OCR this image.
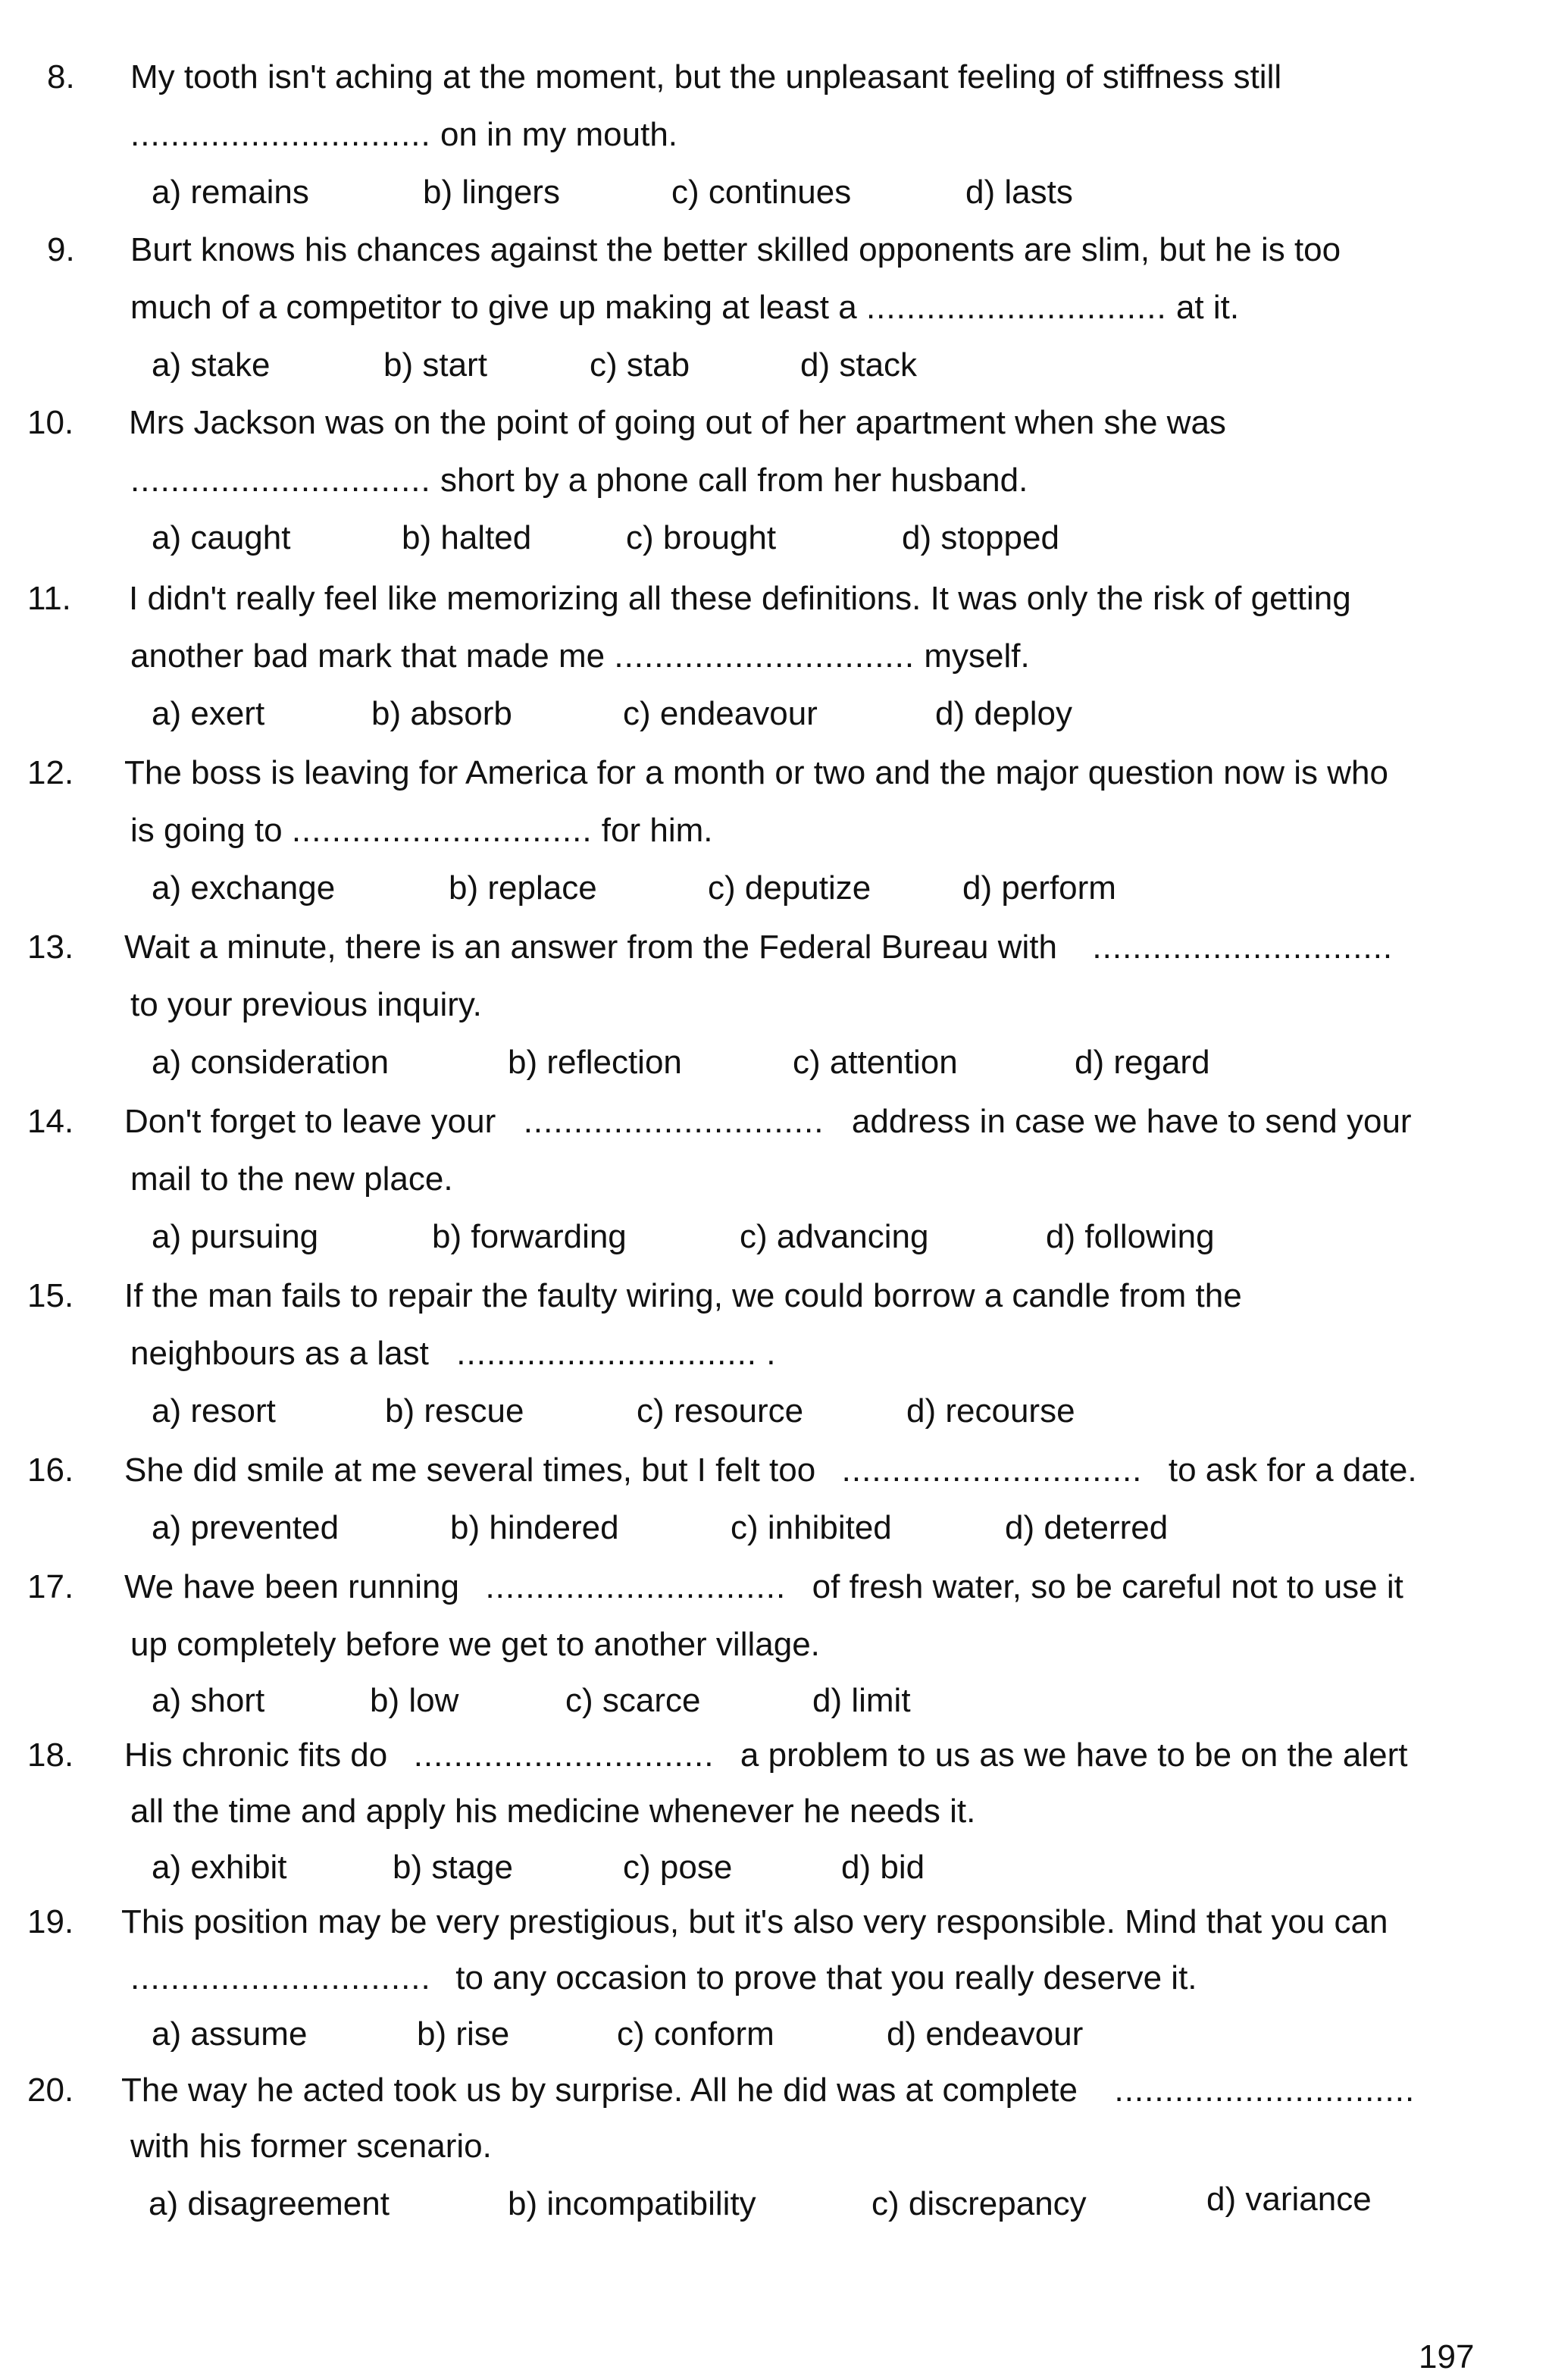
8.	My tooth isn't aching at the moment, but the unpleasant feeling of stiffness still
.............................. on in my mouth.
a) remains	b) lingers	c) continues	d) lasts
9.	Burt knows his chances against the better skilled opponents are slim, but he is too
much of a competitor to give up making at least a .............................. at it.
a) stake	b) start	c) stab	d) stack
10.	Mrs Jackson was on the point of going out of her apartment when she was
.............................. short by a phone call from her husband.
a) caught	b) halted	c) brought	d) stopped
11.	I didn't really feel like memorizing all these definitions. It was only the risk of getting
another bad mark that made me .............................. myself.
a) exert	b) absorb	c) endeavour	d) deploy
12.	The boss is leaving for America for a month or two and the major question now is who
is going to .............................. for him.
a) exchange	b) replace	c) deputize	d) perform
13.	Wait a minute, there is an answer from the Federal Bureau with ..............................
to your previous inquiry.
a) consideration	b) reflection	c) attention	d) regard
14.	Don't forget to leave your .............................. address in case we have to send your
mail to the new place.
a) pursuing	b) forwarding	c) advancing	d) following
15.	If the man fails to repair the faulty wiring, we could borrow a candle from the
neighbours as a last .............................. .
a) resort	b) rescue	c) resource	d) recourse
16.	She did smile at me several times, but I felt too .............................. to ask for a date.
a) prevented	b) hindered	c) inhibited	d) deterred
17.	We have been running .............................. of fresh water, so be careful not to use it
up completely before we get to another village.
a) short	b) low	c) scarce	d) limit
18.	His chronic fits do .............................. a problem to us as we have to be on the alert
all the time and apply his medicine whenever he needs it.
a) exhibit	b) stage	c) pose	d) bid
19.	This position may be very prestigious, but it's also very responsible. Mind that you can
.............................. to any occasion to prove that you really deserve it.
a) assume	b) rise	c) conform	d) endeavour
20.	The way he acted took us by surprise. All he did was at complete ..............................
with his former scenario.
a) disagreement	b) incompatibility	c) discrepancy	d) variance
197
